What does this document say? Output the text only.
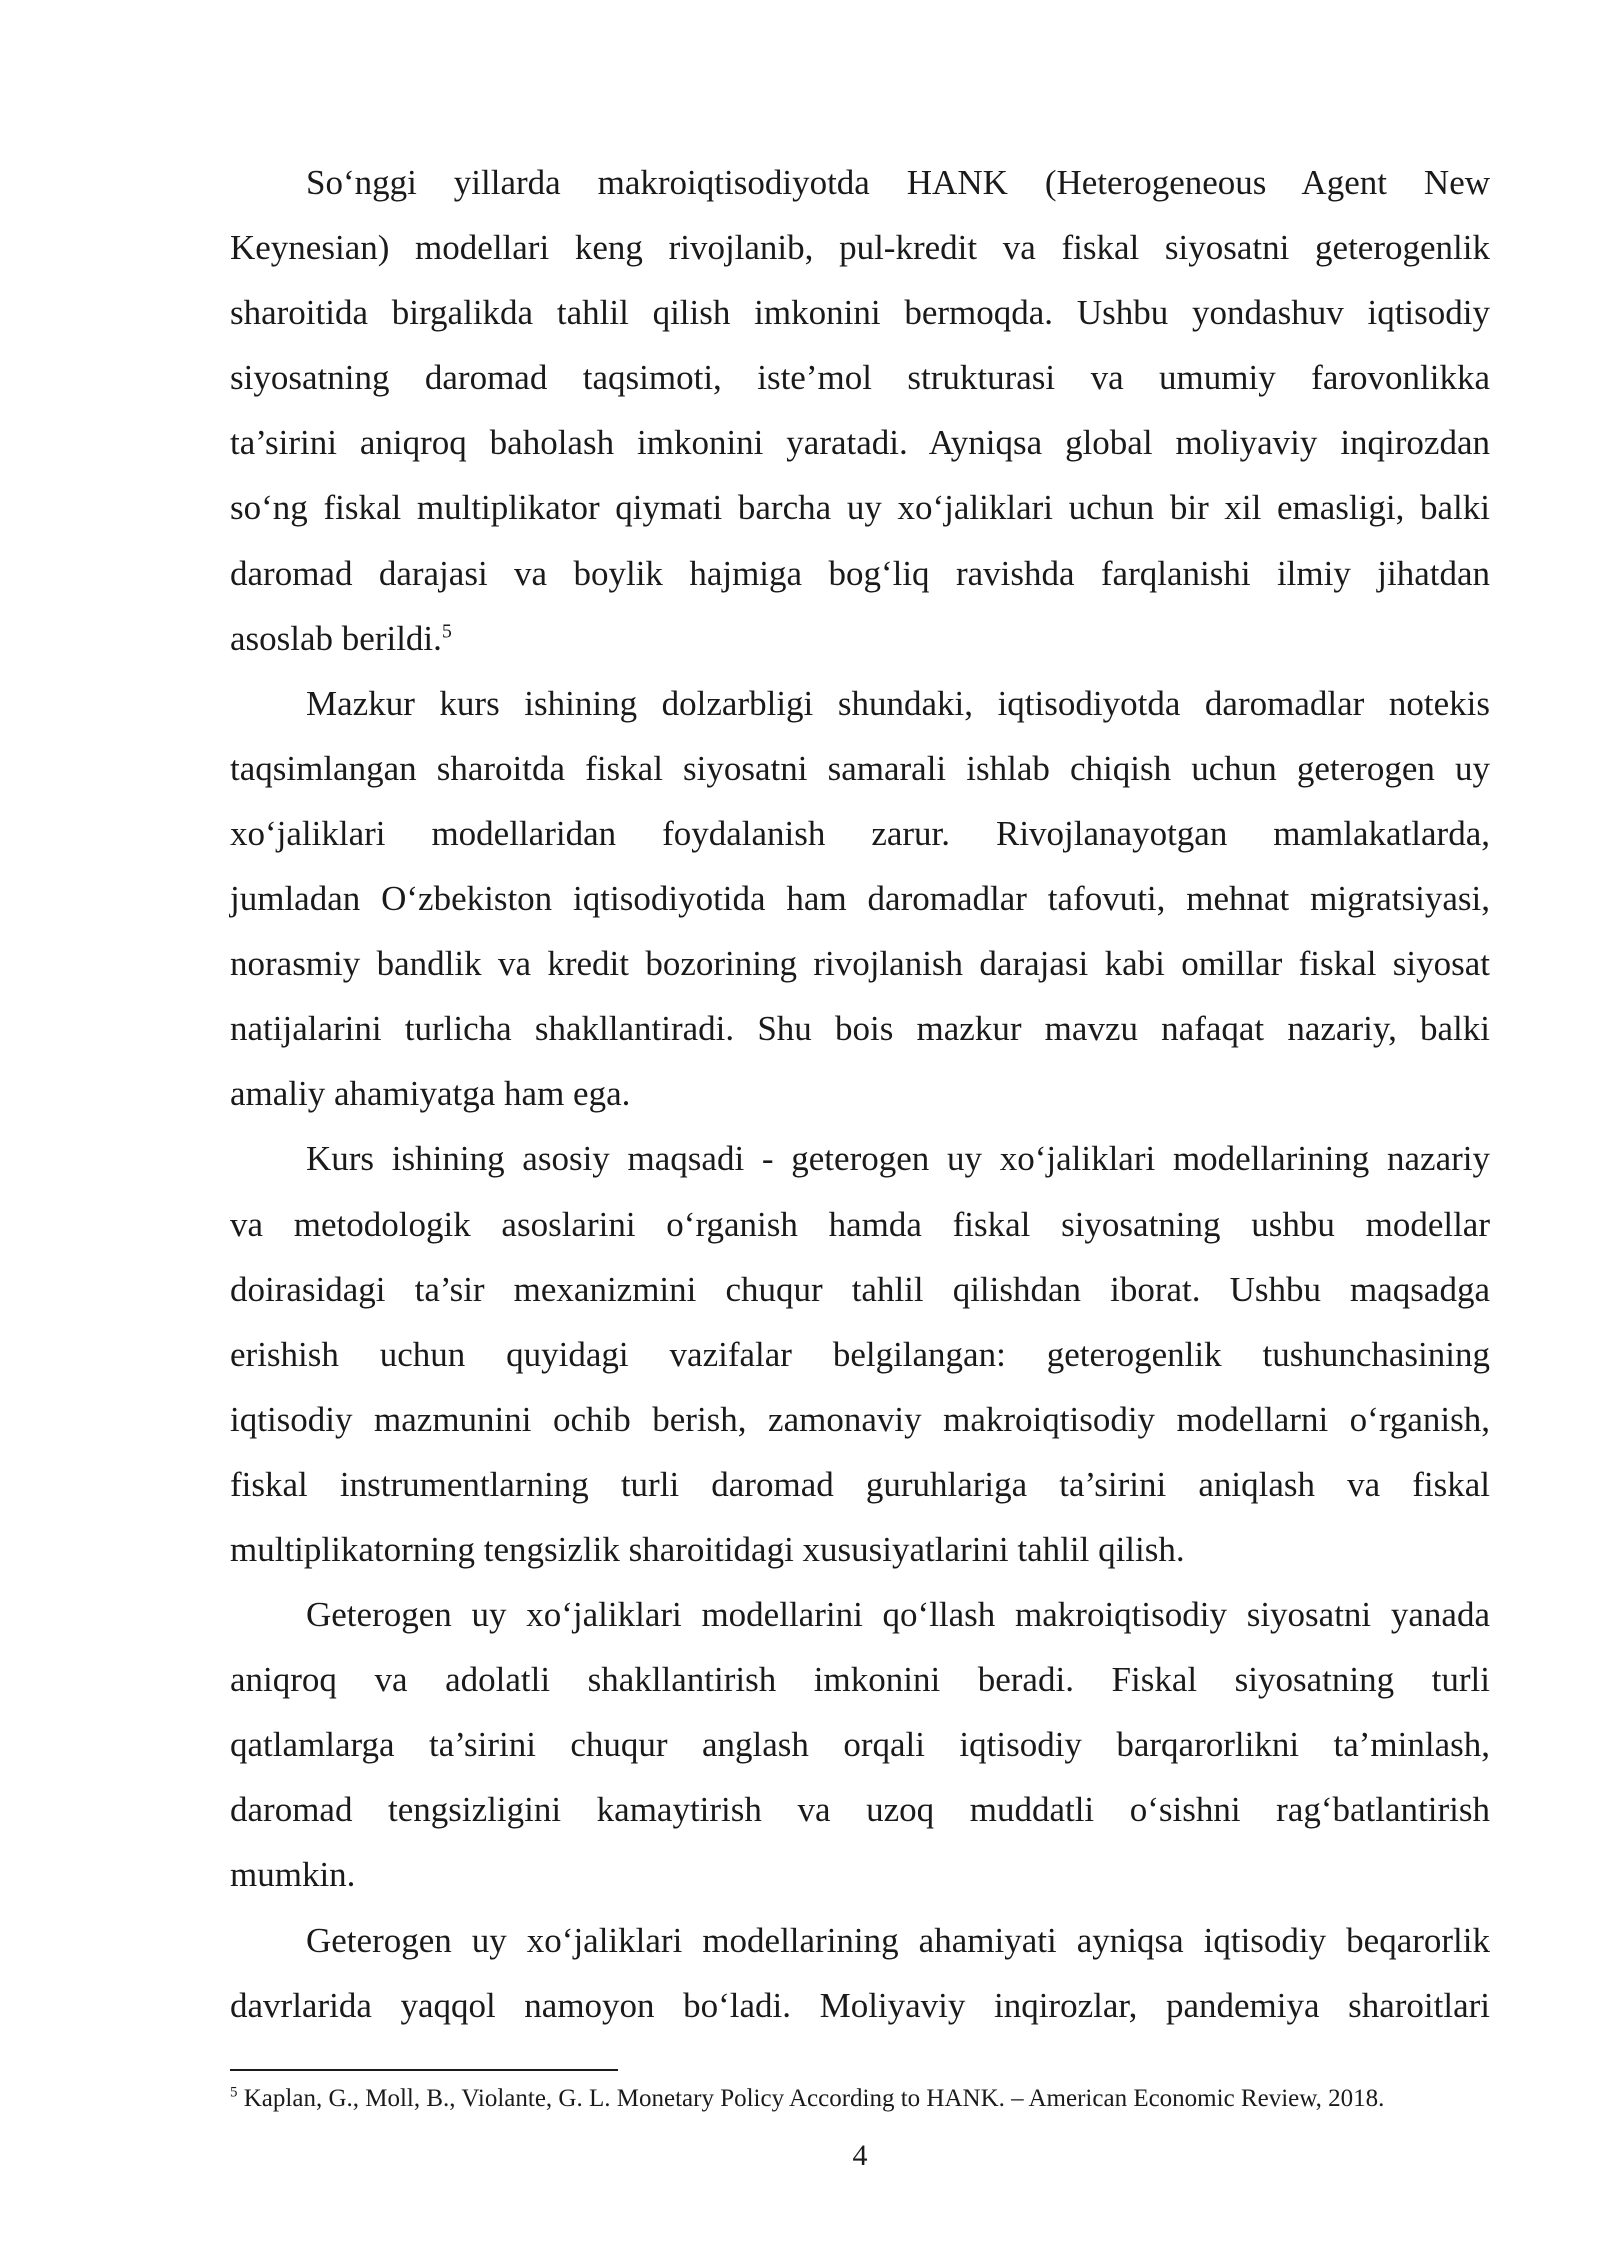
So‘nggi yillarda makroiqtisodiyotda HANK (Heterogeneous Agent New
Keynesian) modellari keng rivojlanib, pul-kredit va fiskal siyosatni geterogenlik
sharoitida birgalikda tahlil qilish imkonini bermoqda. Ushbu yondashuv iqtisodiy
siyosatning daromad taqsimoti, iste’mol strukturasi va umumiy farovonlikka
ta’sirini aniqroq baholash imkonini yaratadi. Ayniqsa global moliyaviy inqirozdan
so‘ng fiskal multiplikator qiymati barcha uy xo‘jaliklari uchun bir xil emasligi, balki
daromad darajasi va boylik hajmiga bog‘liq ravishda farqlanishi ilmiy jihatdan
asoslab berildi.$^5$
Mazkur kurs ishining dolzarbligi shundaki, iqtisodiyotda daromadlar notekis
taqsimlangan sharoitda fiskal siyosatni samarali ishlab chiqish uchun geterogen uy
xo‘jaliklari modellaridan foydalanish zarur. Rivojlanayotgan mamlakatlarda,
jumladan O‘zbekiston iqtisodiyotida ham daromadlar tafovuti, mehnat migratsiyasi,
norasmiy bandlik va kredit bozorining rivojlanish darajasi kabi omillar fiskal siyosat
natijalarini turlicha shakllantiradi. Shu bois mazkur mavzu nafaqat nazariy, balki
amaliy ahamiyatga ham ega.
Kurs ishining asosiy maqsadi - geterogen uy xo‘jaliklari modellarining nazariy
va metodologik asoslarini o‘rganish hamda fiskal siyosatning ushbu modellar
doirasidagi ta’sir mexanizmini chuqur tahlil qilishdan iborat. Ushbu maqsadga
erishish uchun quyidagi vazifalar belgilangan: geterogenlik tushunchasining
iqtisodiy mazmunini ochib berish, zamonaviy makroiqtisodiy modellarni o‘rganish,
fiskal instrumentlarning turli daromad guruhlariga ta’sirini aniqlash va fiskal
multiplikatorning tengsizlik sharoitidagi xususiyatlarini tahlil qilish.
Geterogen uy xo‘jaliklari modellarini qo‘llash makroiqtisodiy siyosatni yanada
aniqroq va adolatli shakllantirish imkonini beradi. Fiskal siyosatning turli
qatlamlarga ta’sirini chuqur anglash orqali iqtisodiy barqarorlikni ta’minlash,
daromad tengsizligini kamaytirish va uzoq muddatli o‘sishni rag‘batlantirish
mumkin.
Geterogen uy xo‘jaliklari modellarining ahamiyati ayniqsa iqtisodiy beqarorlik
davrlarida yaqqol namoyon bo‘ladi. Moliyaviy inqirozlar, pandemiya sharoitlari
$^5$ Kaplan, G., Moll, B., Violante, G. L. Monetary Policy According to HANK. – American Economic Review, 2018.
4
